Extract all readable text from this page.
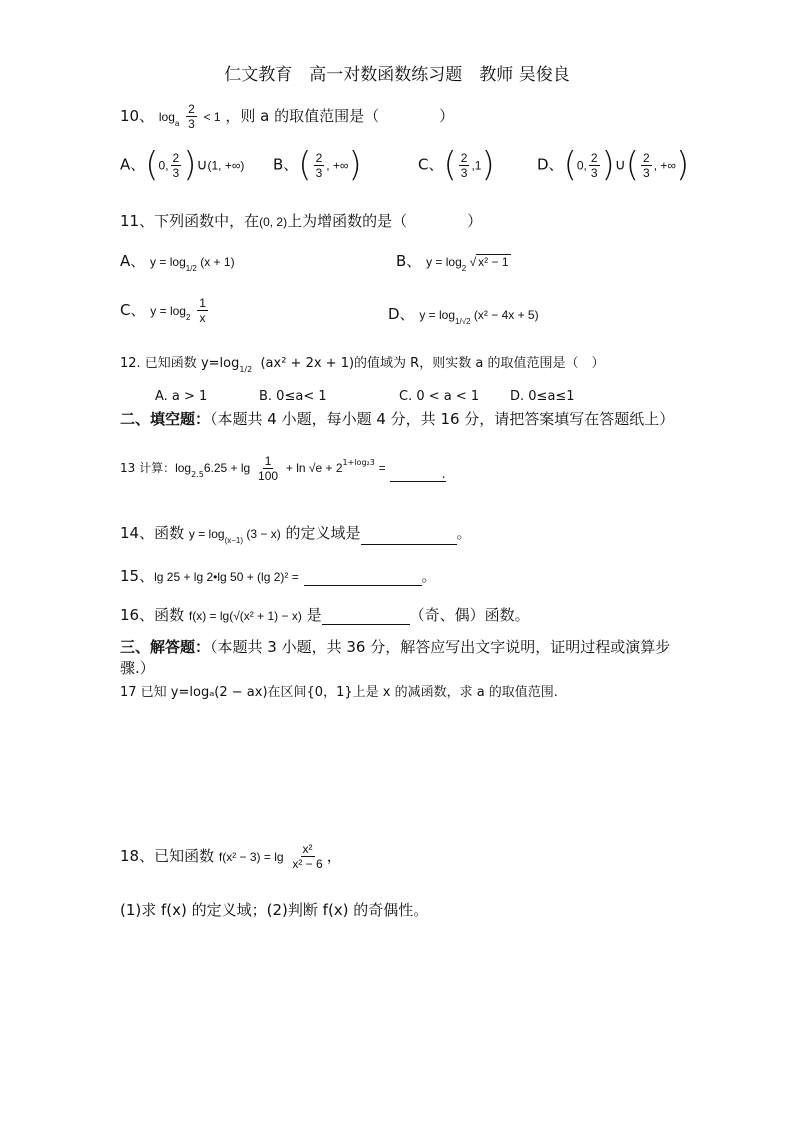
仁文教育　高一对数函数练习题　教师 吴俊良
10、 $\log_a \frac{2}{3} < 1$ ，则 a 的取值范围是（　　　　）
A、(0, $\frac{2}{3}$ )∪(1, +∞) B、( $\frac{2}{3}$ , +∞)	C、( $\frac{2}{3} ,1$)	D、(0, $\frac{2}{3}$ )∪( $\frac{2}{3}$ , +∞)
11、下列函数中，在(0, 2)上为增函数的是（　　　　）
A、 $y = \log_{1/2} (x + 1)$	B、 $y = \log_2$ √ x² − 1
C、 $y = \log_2 \frac{1}{x}$	D、 $y = \log_{1/√2} (x^2 - 4x + 5)$
12. 已知函数 $y=\log_{1/2}$ (ax² + 2x + 1)的值域为 R，则实数 a 的取值范围是（　）
A. a > 1	B. 0≤a< 1	C. 0 < a < 1 D. 0≤a≤1
二、填空题：（本题共 4 小题，每小题 4 分，共 16 分，请把答案填写在答题纸上）
13 计算：$\log_{2.5}6.25 + \lg \frac{1}{100} + \ln √e + 2^{1+log_23}$ =	.
14、函数 $y = \log_{(x-1)} (3 - x)$ 的定义域是	。
15、lg 25 + lg 2•lg 50 + (lg 2)² =	。
16、函数 f(x) = lg(√(x² + 1) − x) 是	（奇、偶）函数。
三、解答题：（本题共 3 小题，共 36 分，解答应写出文字说明，证明过程或演算步骤.）
17 已知 y=logₐ(2 − ax)在区间{0，1}上是 x 的减函数，求 a 的取值范围.
18、已知函数 $f(x^2 - 3) = \lg \frac{\text{x²}}{\text{x² − 6}}$ ，
(1)求 f(x) 的定义域；(2)判断 f(x) 的奇偶性。
